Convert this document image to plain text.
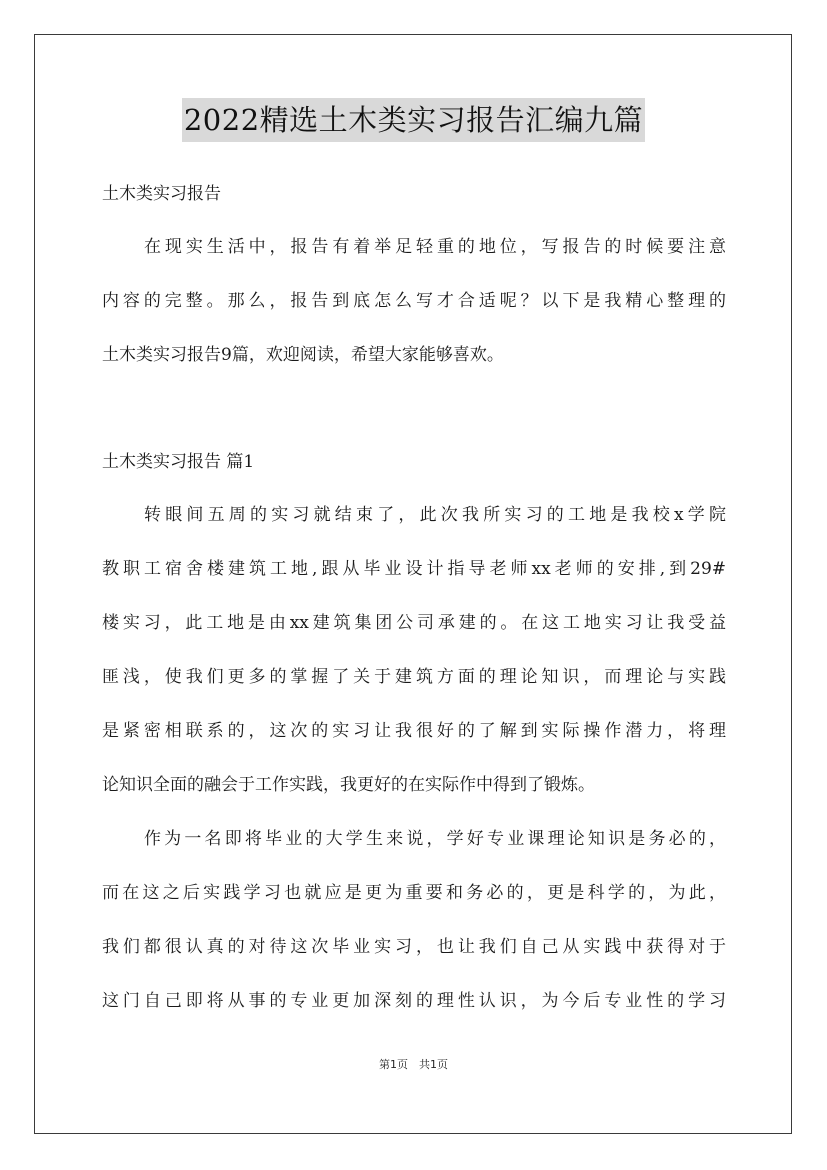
2022精选土木类实习报告汇编九篇

土木类实习报告

在现实生活中，报告有着举足轻重的地位，写报告的时候要注意

内容的完整。那么，报告到底怎么写才合适呢？以下是我精心整理的

土木类实习报告9篇，欢迎阅读，希望大家能够喜欢。

土木类实习报告 篇1

转眼间五周的实习就结束了，此次我所实习的工地是我校x学院

教职工宿舍楼建筑工地,跟从毕业设计指导老师xx老师的安排,到29#

楼实习，此工地是由xx建筑集团公司承建的。在这工地实习让我受益

匪浅，使我们更多的掌握了关于建筑方面的理论知识，而理论与实践

是紧密相联系的，这次的实习让我很好的了解到实际操作潜力，将理

论知识全面的融会于工作实践，我更好的在实际作中得到了锻炼。

作为一名即将毕业的大学生来说，学好专业课理论知识是务必的，

而在这之后实践学习也就应是更为重要和务必的，更是科学的，为此，

我们都很认真的对待这次毕业实习，也让我们自己从实践中获得对于

这门自己即将从事的专业更加深刻的理性认识，为今后专业性的学习

第1页　共1页
